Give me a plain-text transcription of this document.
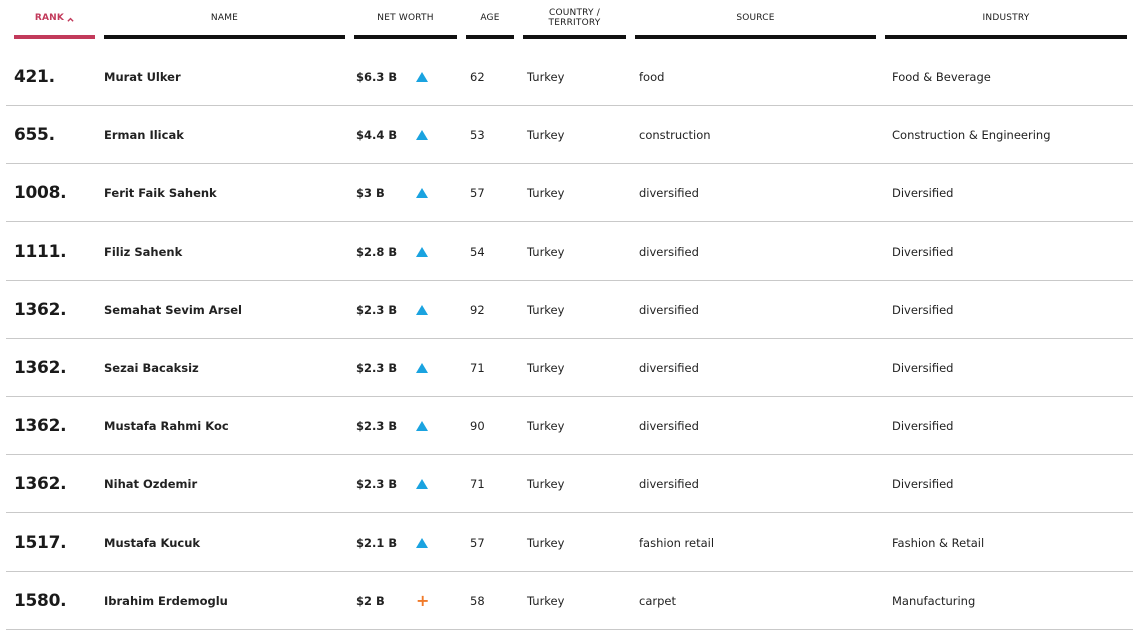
RANK	NAME	NET WORTH	AGE	COUNTRY / TERRITORY	SOURCE	INDUSTRY
421.	Murat Ulker	$6.3 B	62	Turkey	food	Food & Beverage
655.	Erman Ilicak	$4.4 B	53	Turkey	construction	Construction & Engineering
1008.	Ferit Faik Sahenk	$3 B	57	Turkey	diversified	Diversified
1111.	Filiz Sahenk	$2.8 B	54	Turkey	diversified	Diversified
1362.	Semahat Sevim Arsel	$2.3 B	92	Turkey	diversified	Diversified
1362.	Sezai Bacaksiz	$2.3 B	71	Turkey	diversified	Diversified
1362.	Mustafa Rahmi Koc	$2.3 B	90	Turkey	diversified	Diversified
1362.	Nihat Ozdemir	$2.3 B	71	Turkey	diversified	Diversified
1517.	Mustafa Kucuk	$2.1 B	57	Turkey	fashion retail	Fashion & Retail
1580.	Ibrahim Erdemoglu	$2 B	58	Turkey	carpet	Manufacturing
+
